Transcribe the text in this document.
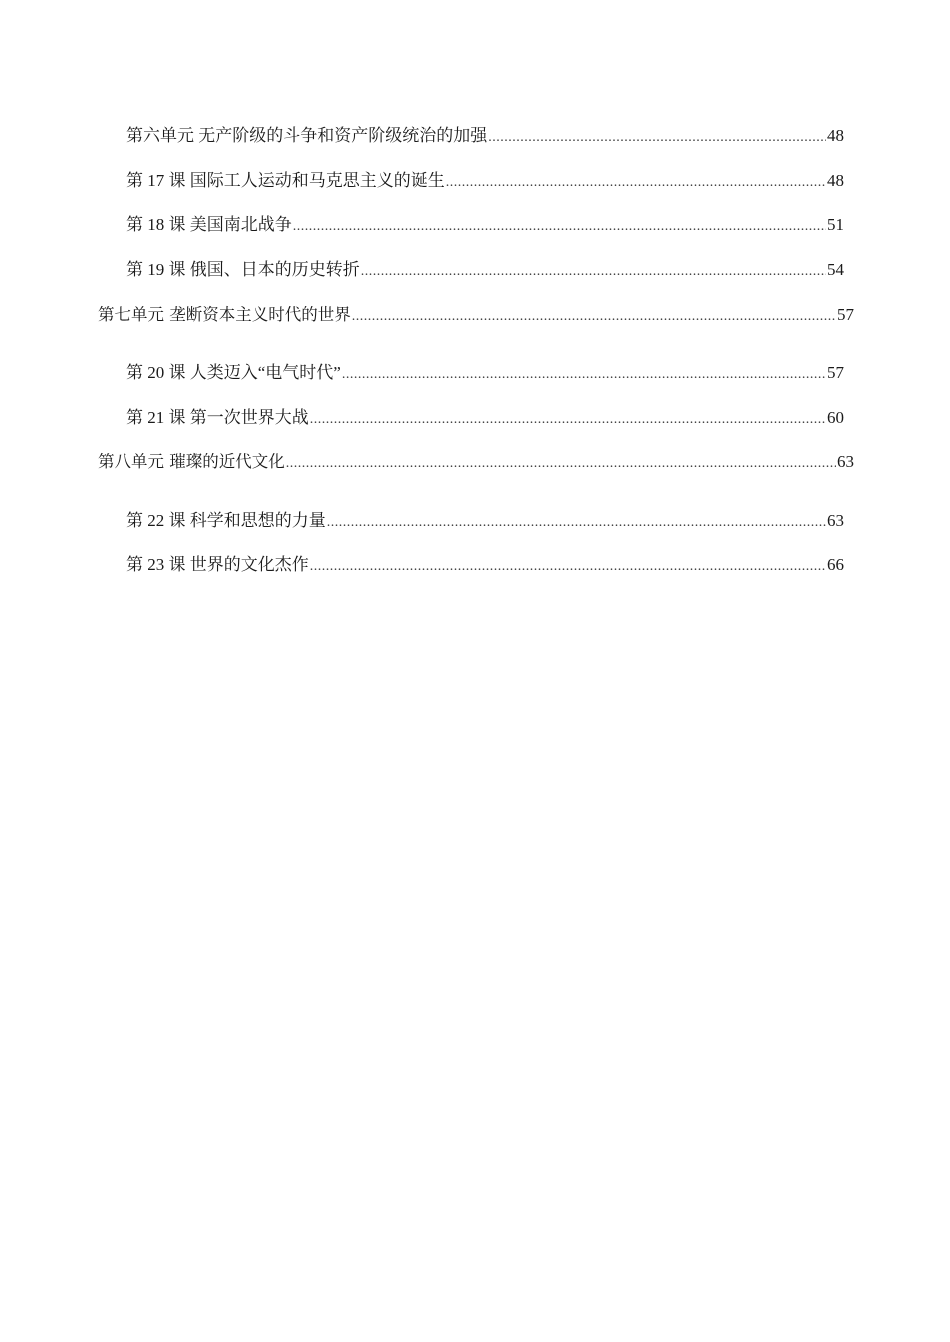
第六单元 无产阶级的斗争和资产阶级统治的加强 .....	48
第 17 课 国际工人运动和马克思主义的诞生 .....	48
第 18 课 美国南北战争 .....	51
第 19 课 俄国、日本的历史转折 .....	54
第七单元 垄断资本主义时代的世界 .....	57
第 20 课 人类迈入“电气时代” .....	57
第 21 课 第一次世界大战 .....	60
第八单元 璀璨的近代文化 .....	63
第 22 课 科学和思想的力量 .....	63
第 23 课 世界的文化杰作 .....	66
